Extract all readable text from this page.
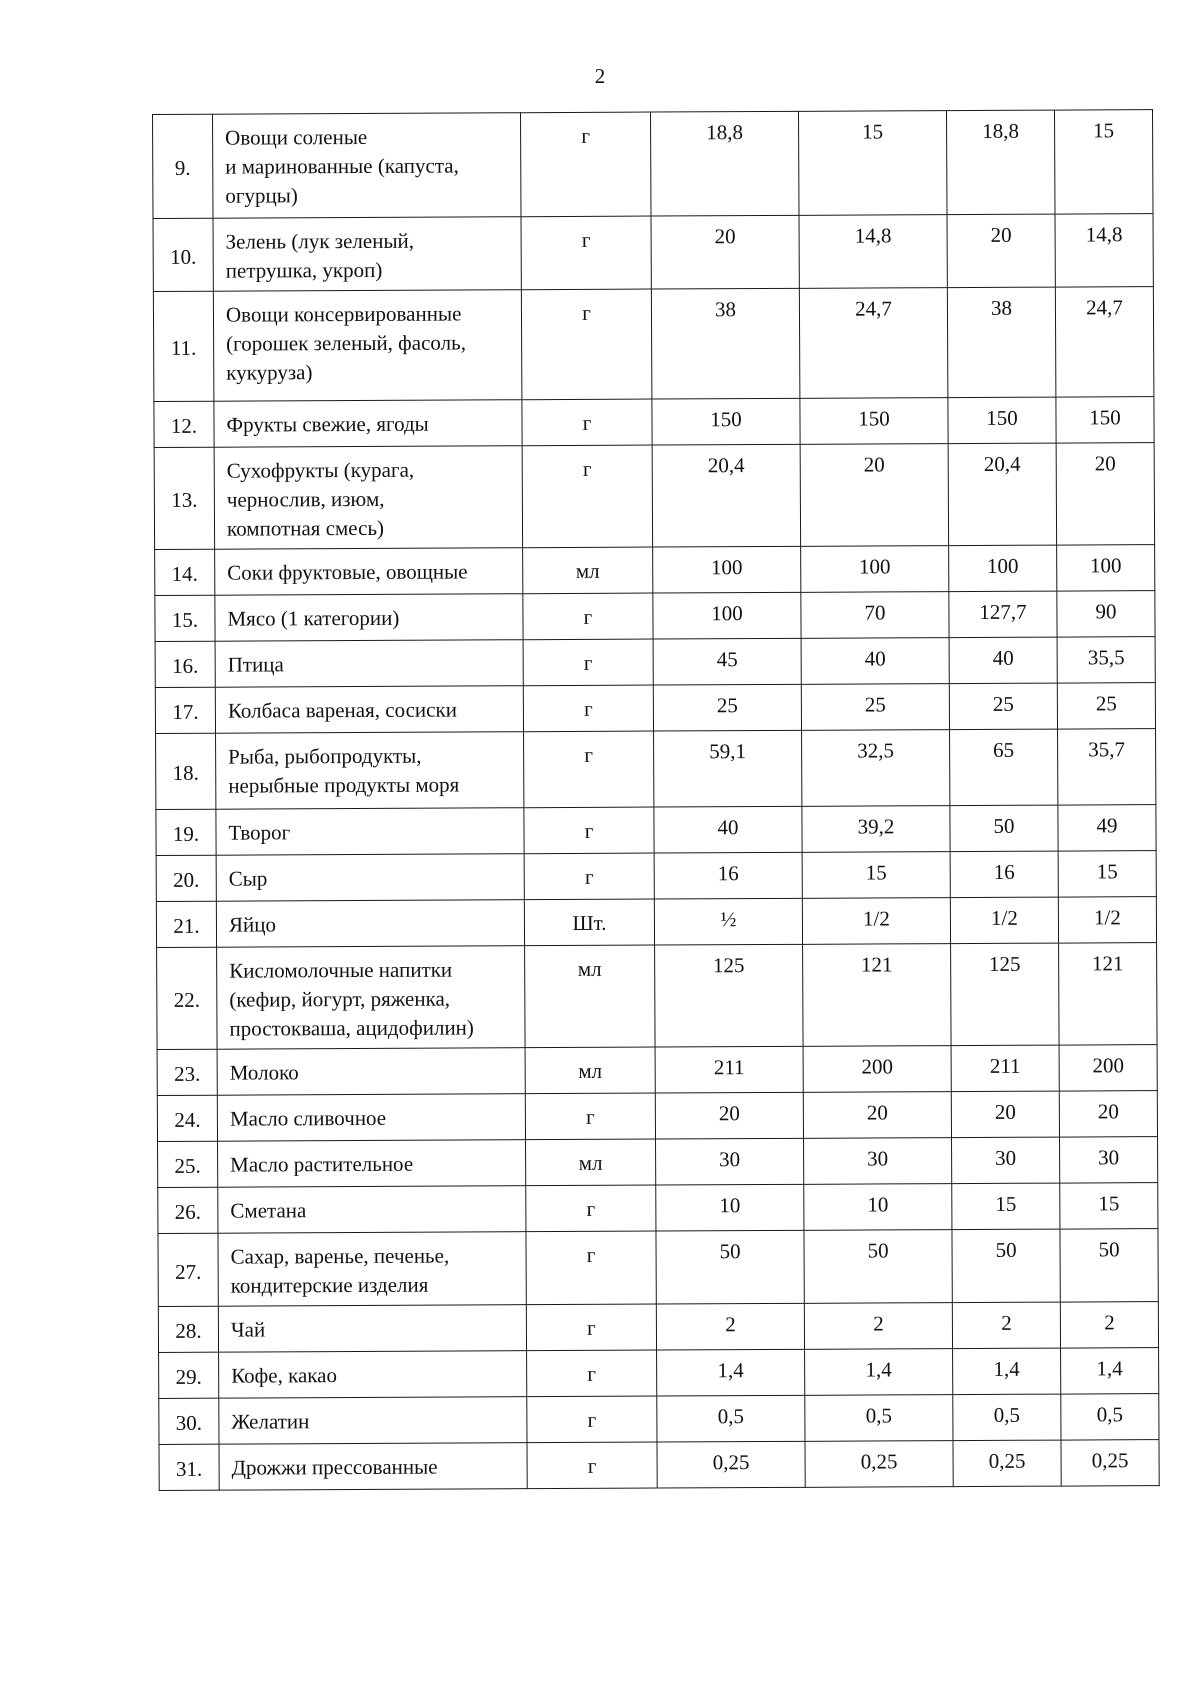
2
9.	Овощи соленые
и маринованные (капуста,
огурцы)	г	18,8	15	18,8	15
10.	Зелень (лук зеленый,
петрушка, укроп)	г	20	14,8	20	14,8
11.	Овощи консервированные
(горошек зеленый, фасоль,
кукуруза)	г	38	24,7	38	24,7
12.	Фрукты свежие, ягоды	г	150	150	150	150
13.	Сухофрукты (курага,
чернослив, изюм,
компотная смесь)	г	20,4	20	20,4	20
14.	Соки фруктовые, овощные	мл	100	100	100	100
15.	Мясо (1 категории)	г	100	70	127,7	90
16.	Птица	г	45	40	40	35,5
17.	Колбаса вареная, сосиски	г	25	25	25	25
18.	Рыба, рыбопродукты,
нерыбные продукты моря	г	59,1	32,5	65	35,7
19.	Творог	г	40	39,2	50	49
20.	Сыр	г	16	15	16	15
21.	Яйцо	Шт.	½	1/2	1/2	1/2
22.	Кисломолочные напитки
(кефир, йогурт, ряженка,
простокваша, ацидофилин)	мл	125	121	125	121
23.	Молоко	мл	211	200	211	200
24.	Масло сливочное	г	20	20	20	20
25.	Масло растительное	мл	30	30	30	30
26.	Сметана	г	10	10	15	15
27.	Сахар, варенье, печенье,
кондитерские изделия	г	50	50	50	50
28.	Чай	г	2	2	2	2
29.	Кофе, какао	г	1,4	1,4	1,4	1,4
30.	Желатин	г	0,5	0,5	0,5	0,5
31.	Дрожжи прессованные	г	0,25	0,25	0,25	0,25
